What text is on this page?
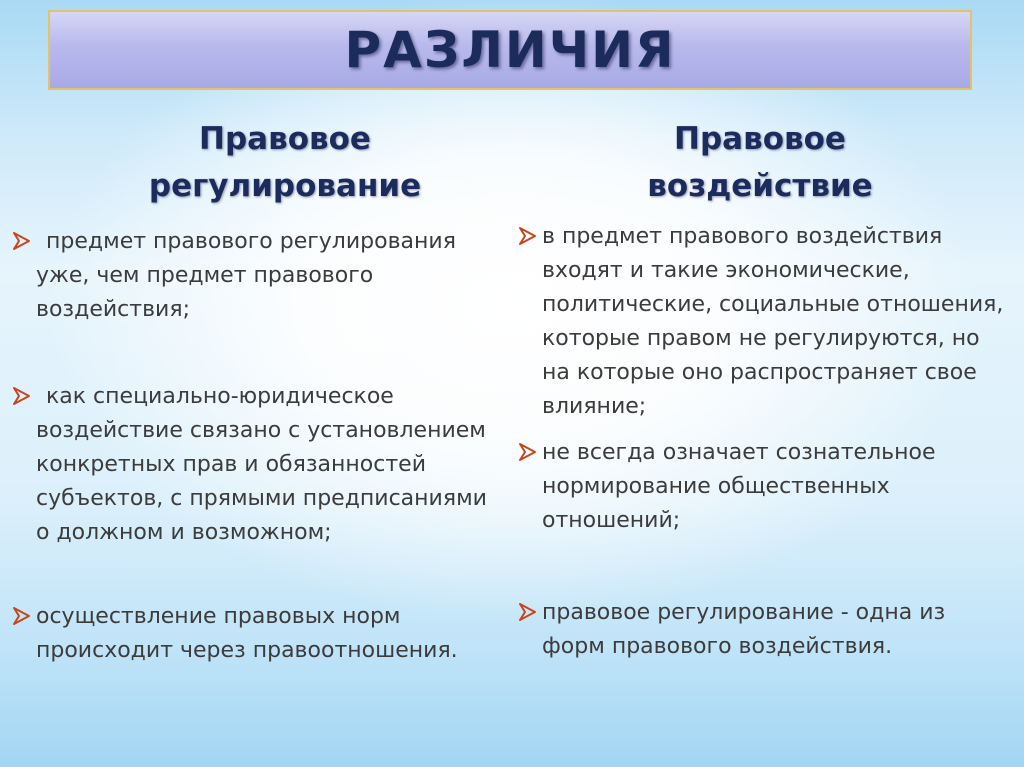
РАЗЛИЧИЯ
Правовое
регулирование
Правовое
воздействие

предмет правового регулирования уже, чем предмет правового воздействия;

как специально-юридическое воздействие связано с установлением конкретных прав и обязанностей субъектов, с прямыми предписаниями о должном и возможном;

осуществление правовых норм происходит через правоотношения.

в предмет правового воздействия входят и такие экономические, политические, социальные отношения, которые правом не регулируются, но на которые оно распространяет свое влияние;

не всегда означает сознательное нормирование общественных отношений;

правовое регулирование - одна из форм правового воздействия.
